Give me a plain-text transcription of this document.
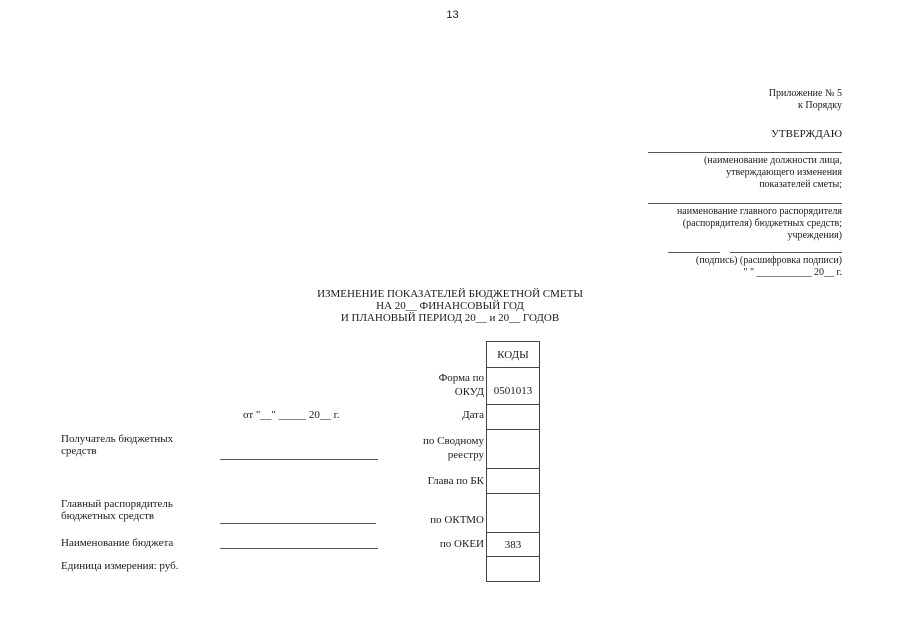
13
Приложение № 5
к Порядку
УТВЕРЖДАЮ
(наименование должности лица,
утверждающего изменения
показателей сметы;
наименование главного распорядителя
(распорядителя) бюджетных средств;
учреждения)
(подпись) (расшифровка подписи)
" " ___________ 20__ г.
ИЗМЕНЕНИЕ ПОКАЗАТЕЛЕЙ БЮДЖЕТНОЙ СМЕТЫ
НА 20__ ФИНАНСОВЫЙ ГОД
И ПЛАНОВЫЙ ПЕРИОД 20__ и 20__ ГОДОВ
Форма по
ОКУД
Дата
по Сводному
реестру
Глава по БК
по ОКТМО
по ОКЕИ
КОДЫ
0501013
383
от "__" _____ 20__ г.
Получатель бюджетных
средств
Главный распорядитель
бюджетных средств
Наименование бюджета
Единица измерения: руб.
